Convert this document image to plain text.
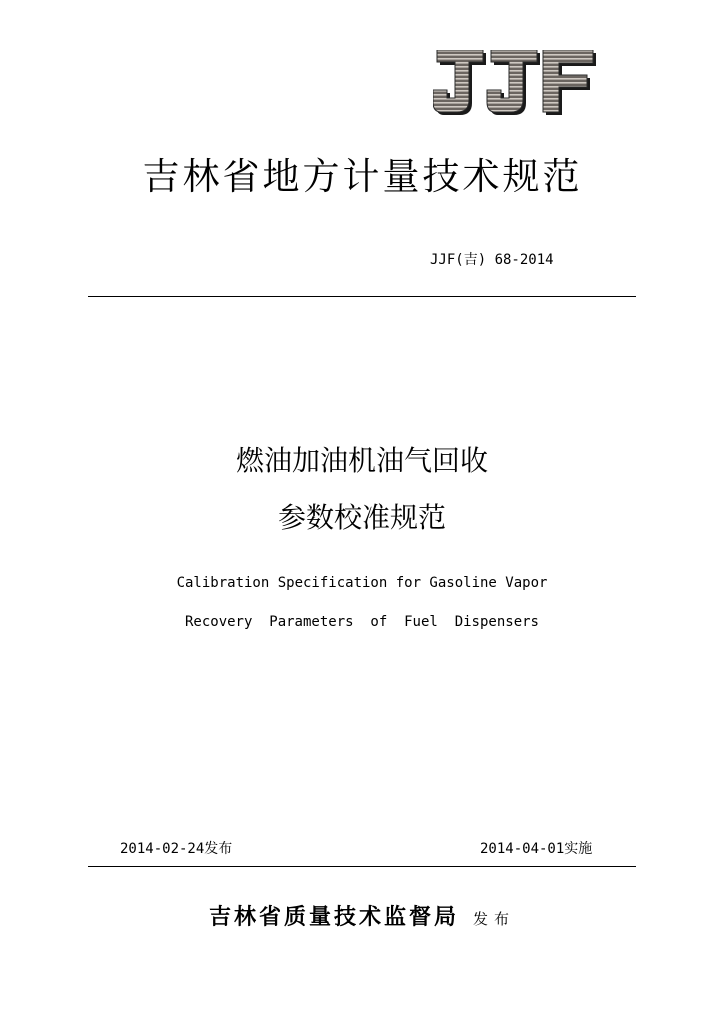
吉林省地方计量技术规范
JJF(吉) 68-2014
燃油加油机油气回收
参数校准规范
Calibration Specification for Gasoline Vapor
Recovery  Parameters  of  Fuel  Dispensers
2014-02-24发布	2014-04-01实施
吉林省质量技术监督局 发布
